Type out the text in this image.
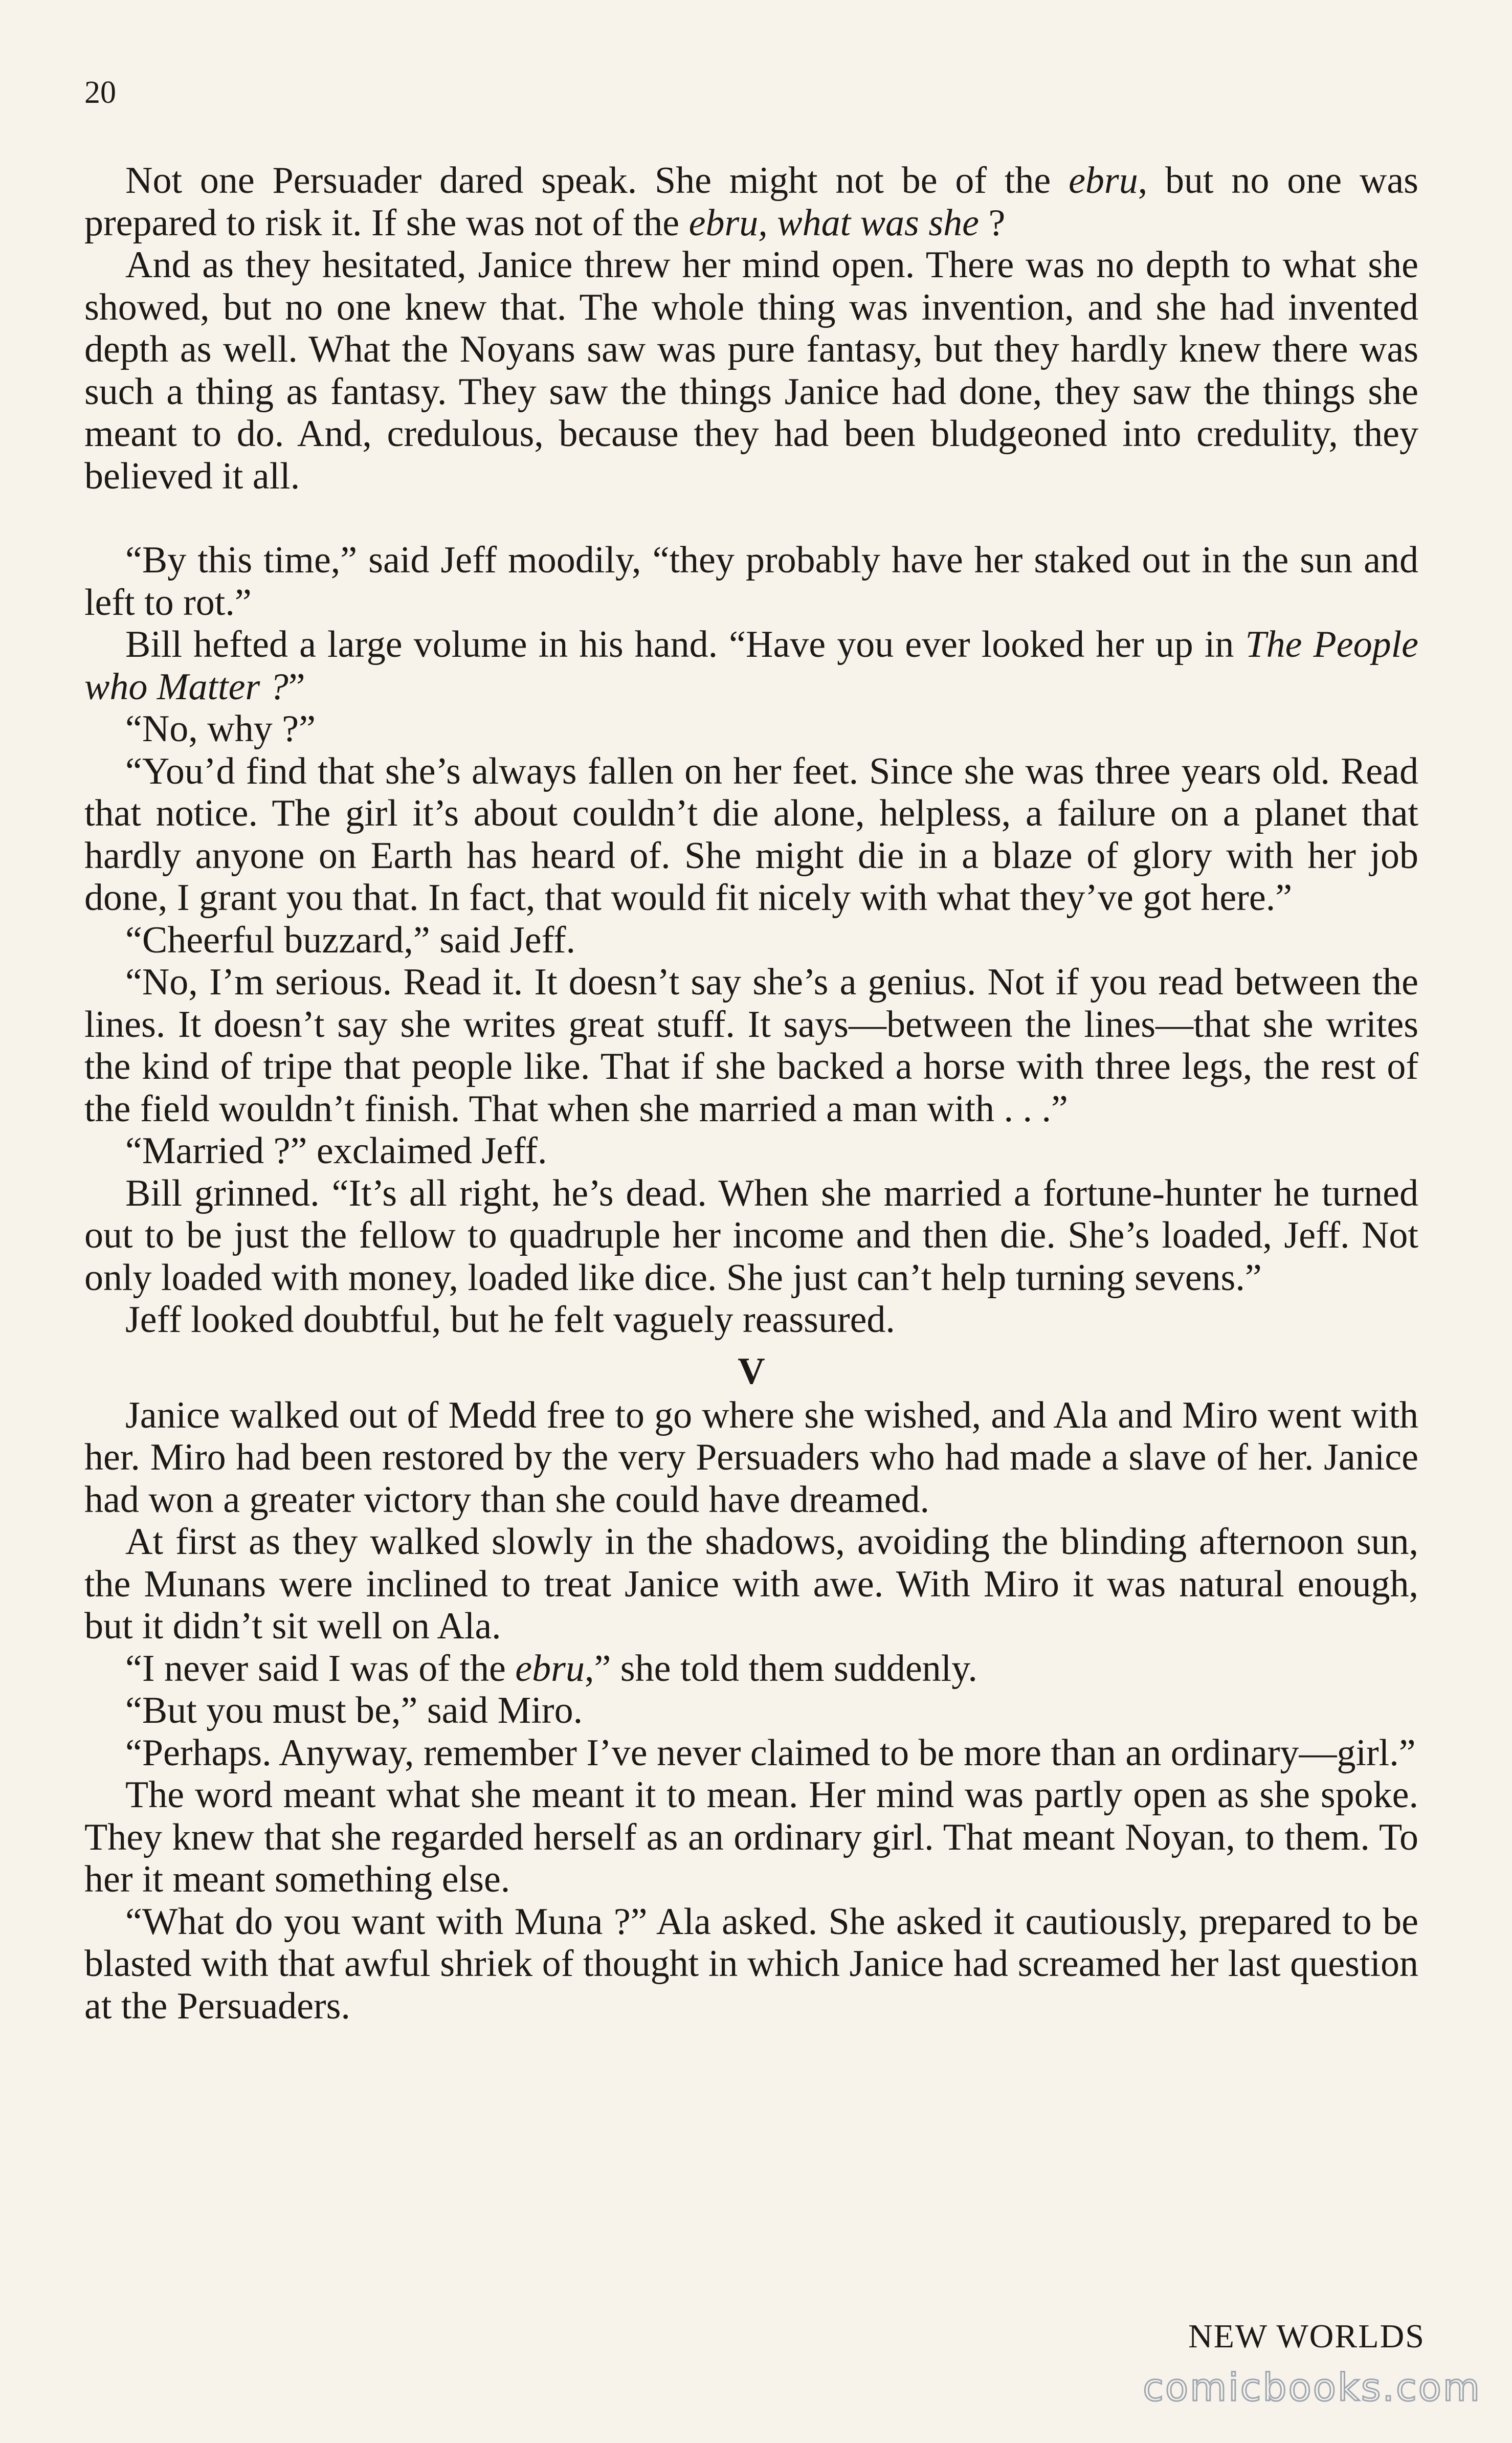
20

Not one Persuader dared speak. She might not be of the ebru, but no one was prepared to risk it. If she was not of the ebru, what was she ?

And as they hesitated, Janice threw her mind open. There was no depth to what she showed, but no one knew that. The whole thing was invention, and she had invented depth as well. What the Noyans saw was pure fantasy, but they hardly knew there was such a thing as fantasy. They saw the things Janice had done, they saw the things she meant to do. And, credulous, because they had been bludgeoned into credulity, they believed it all.

“By this time,” said Jeff moodily, “they probably have her staked out in the sun and left to rot.”

Bill hefted a large volume in his hand. “Have you ever looked her up in The People who Matter ?”

“No, why ?”

“You’d find that she’s always fallen on her feet. Since she was three years old. Read that notice. The girl it’s about couldn’t die alone, helpless, a failure on a planet that hardly anyone on Earth has heard of. She might die in a blaze of glory with her job done, I grant you that. In fact, that would fit nicely with what they’ve got here.”

“Cheerful buzzard,” said Jeff.

“No, I’m serious. Read it. It doesn’t say she’s a genius. Not if you read between the lines. It doesn’t say she writes great stuff. It says—between the lines—that she writes the kind of tripe that people like. That if she backed a horse with three legs, the rest of the field wouldn’t finish. That when she married a man with . . .”

“Married ?” exclaimed Jeff.

Bill grinned. “It’s all right, he’s dead. When she married a fortune-hunter he turned out to be just the fellow to quadruple her income and then die. She’s loaded, Jeff. Not only loaded with money, loaded like dice. She just can’t help turning sevens.”

Jeff looked doubtful, but he felt vaguely reassured.

V

Janice walked out of Medd free to go where she wished, and Ala and Miro went with her. Miro had been restored by the very Persuaders who had made a slave of her. Janice had won a greater victory than she could have dreamed.

At first as they walked slowly in the shadows, avoiding the blinding afternoon sun, the Munans were inclined to treat Janice with awe. With Miro it was natural enough, but it didn’t sit well on Ala.

“I never said I was of the ebru,” she told them suddenly.

“But you must be,” said Miro.

“Perhaps. Anyway, remember I’ve never claimed to be more than an ordinary—girl.”

The word meant what she meant it to mean. Her mind was partly open as she spoke. They knew that she regarded herself as an ordinary girl. That meant Noyan, to them. To her it meant something else.

“What do you want with Muna ?” Ala asked. She asked it cautiously, prepared to be blasted with that awful shriek of thought in which Janice had screamed her last question at the Persuaders.

NEW WORLDS
comicbooks.com
